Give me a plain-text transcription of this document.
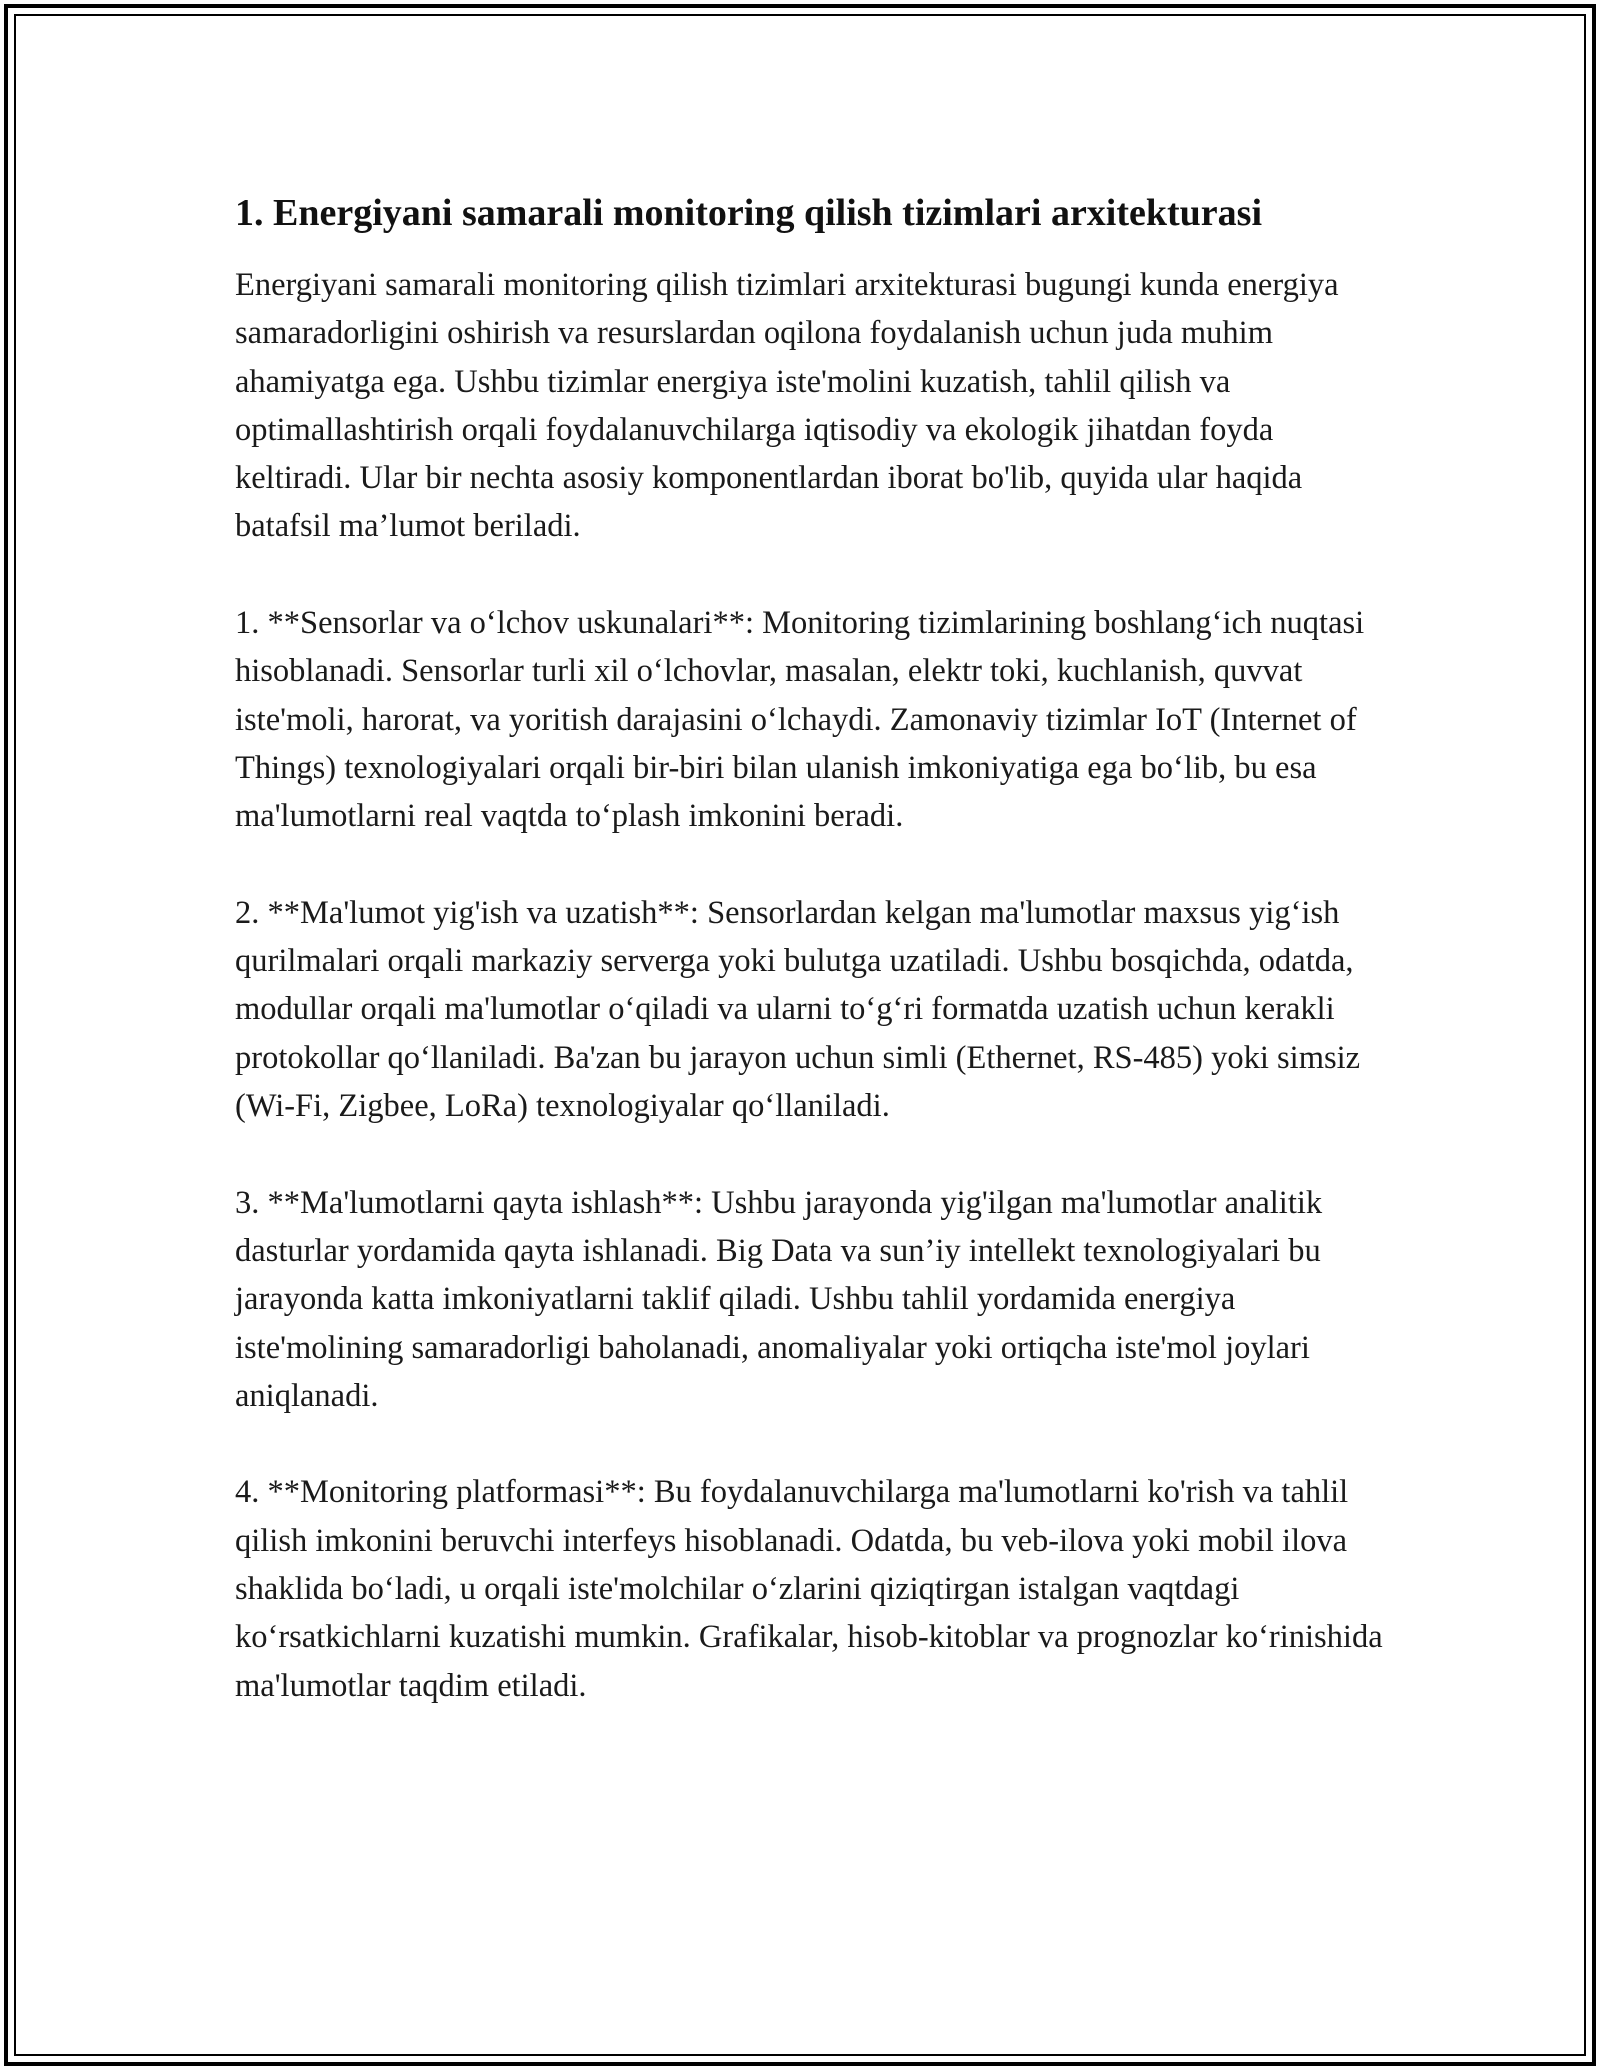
1. Energiyani samarali monitoring qilish tizimlari arxitekturasi

Energiyani samarali monitoring qilish tizimlari arxitekturasi bugungi kunda energiya samaradorligini oshirish va resurslardan oqilona foydalanish uchun juda muhim ahamiyatga ega. Ushbu tizimlar energiya iste'molini kuzatish, tahlil qilish va optimallashtirish orqali foydalanuvchilarga iqtisodiy va ekologik jihatdan foyda keltiradi. Ular bir nechta asosiy komponentlardan iborat bo'lib, quyida ular haqida batafsil ma’lumot beriladi.

1. **Sensorlar va o‘lchov uskunalari**: Monitoring tizimlarining boshlang‘ich nuqtasi hisoblanadi. Sensorlar turli xil o‘lchovlar, masalan, elektr toki, kuchlanish, quvvat iste'moli, harorat, va yoritish darajasini o‘lchaydi. Zamonaviy tizimlar IoT (Internet of Things) texnologiyalari orqali bir-biri bilan ulanish imkoniyatiga ega bo‘lib, bu esa ma'lumotlarni real vaqtda to‘plash imkonini beradi.

2. **Ma'lumot yig'ish va uzatish**: Sensorlardan kelgan ma'lumotlar maxsus yig‘ish qurilmalari orqali markaziy serverga yoki bulutga uzatiladi. Ushbu bosqichda, odatda, modullar orqali ma'lumotlar o‘qiladi va ularni to‘g‘ri formatda uzatish uchun kerakli protokollar qo‘llaniladi. Ba'zan bu jarayon uchun simli (Ethernet, RS-485) yoki simsiz (Wi-Fi, Zigbee, LoRa) texnologiyalar qo‘llaniladi.

3. **Ma'lumotlarni qayta ishlash**: Ushbu jarayonda yig'ilgan ma'lumotlar analitik dasturlar yordamida qayta ishlanadi. Big Data va sun’iy intellekt texnologiyalari bu jarayonda katta imkoniyatlarni taklif qiladi. Ushbu tahlil yordamida energiya iste'molining samaradorligi baholanadi, anomaliyalar yoki ortiqcha iste'mol joylari aniqlanadi.

4. **Monitoring platformasi**: Bu foydalanuvchilarga ma'lumotlarni ko'rish va tahlil qilish imkonini beruvchi interfeys hisoblanadi. Odatda, bu veb-ilova yoki mobil ilova shaklida bo‘ladi, u orqali iste'molchilar o‘zlarini qiziqtirgan istalgan vaqtdagi ko‘rsatkichlarni kuzatishi mumkin. Grafikalar, hisob-kitoblar va prognozlar ko‘rinishida ma'lumotlar taqdim etiladi.
